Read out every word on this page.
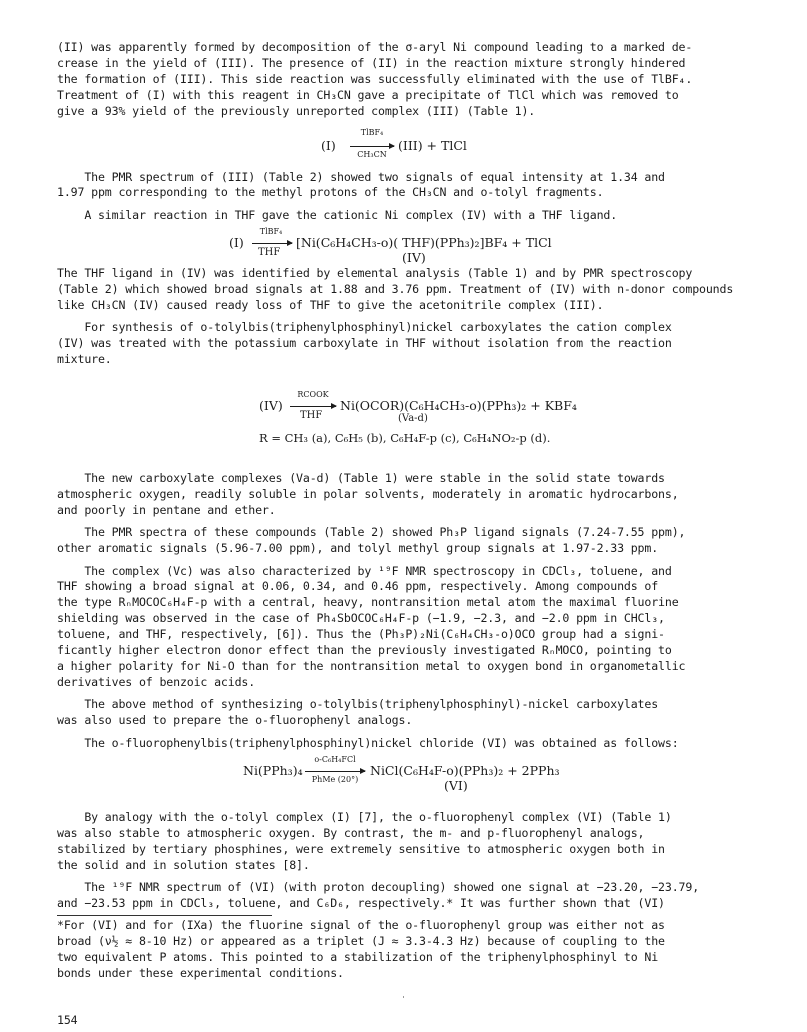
(II) was apparently formed by decomposition of the σ-aryl Ni compound leading to a marked de-
crease in the yield of (III). The presence of (II) in the reaction mixture strongly hindered
the formation of (III). This side reaction was successfully eliminated with the use of TlBF₄.
Treatment of (I) with this reagent in CH₃CN gave a precipitate of TlCl which was removed to
give a 93% yield of the previously unreported complex (III) (Table 1).
(I)
TlBF₄
CH₃CN
(III) + TlCl
The PMR spectrum of (III) (Table 2) showed two signals of equal intensity at 1.34 and
1.97 ppm corresponding to the methyl protons of the CH₃CN and o-tolyl fragments.
A similar reaction in THF gave the cationic Ni complex (IV) with a THF ligand.
(I)
TlBF₄
THF
[Ni(C₆H₄CH₃-o)( THF)(PPh₃)₂]BF₄ + TlCl
(IV)
The THF ligand in (IV) was identified by elemental analysis (Table 1) and by PMR spectroscopy
(Table 2) which showed broad signals at 1.88 and 3.76 ppm. Treatment of (IV) with n-donor compounds
like CH₃CN (IV) caused ready loss of THF to give the acetonitrile complex (III).
For synthesis of o-tolylbis(triphenylphosphinyl)nickel carboxylates the cation complex
(IV) was treated with the potassium carboxylate in THF without isolation from the reaction
mixture.
(IV)
RCOOK
THF
Ni(OCOR)(C₆H₄CH₃-o)(PPh₃)₂ + KBF₄
(Va-d)
R = CH₃ (a), C₆H₅ (b), C₆H₄F-p (c), C₆H₄NO₂-p (d).
The new carboxylate complexes (Va-d) (Table 1) were stable in the solid state towards
atmospheric oxygen, readily soluble in polar solvents, moderately in aromatic hydrocarbons,
and poorly in pentane and ether.
The PMR spectra of these compounds (Table 2) showed Ph₃P ligand signals (7.24-7.55 ppm),
other aromatic signals (5.96-7.00 ppm), and tolyl methyl group signals at 1.97-2.33 ppm.
The complex (Vc) was also characterized by ¹⁹F NMR spectroscopy in CDCl₃, toluene, and
THF showing a broad signal at 0.06, 0.34, and 0.46 ppm, respectively. Among compounds of
the type RₙMOCOC₆H₄F-p with a central, heavy, nontransition metal atom the maximal fluorine
shielding was observed in the case of Ph₄SbOCOC₆H₄F-p (−1.9, −2.3, and −2.0 ppm in CHCl₃,
toluene, and THF, respectively, [6]). Thus the (Ph₃P)₂Ni(C₆H₄CH₃-o)OCO group had a signi-
ficantly higher electron donor effect than the previously investigated RₙMOCO, pointing to
a higher polarity for Ni-O than for the nontransition metal to oxygen bond in organometallic
derivatives of benzoic acids.
The above method of synthesizing o-tolylbis(triphenylphosphinyl)-nickel carboxylates
was also used to prepare the o-fluorophenyl analogs.
The o-fluorophenylbis(triphenylphosphinyl)nickel chloride (VI) was obtained as follows:
Ni(PPh₃)₄
o-C₆H₄FCl
PhMe (20°)
NiCl(C₆H₄F-o)(PPh₃)₂ + 2PPh₃
(VI)
By analogy with the o-tolyl complex (I) [7], the o-fluorophenyl complex (VI) (Table 1)
was also stable to atmospheric oxygen. By contrast, the m- and p-fluorophenyl analogs,
stabilized by tertiary phosphines, were extremely sensitive to atmospheric oxygen both in
the solid and in solution states [8].
The ¹⁹F NMR spectrum of (VI) (with proton decoupling) showed one signal at −23.20, −23.79,
and −23.53 ppm in CDCl₃, toluene, and C₆D₆, respectively.* It was further shown that (VI)
*For (VI) and for (IXa) the fluorine signal of the o-fluorophenyl group was either not as
broad (ν½ ≈ 8-10 Hz) or appeared as a triplet (J ≈ 3.3-4.3 Hz) because of coupling to the
two equivalent P atoms. This pointed to a stabilization of the triphenylphosphinyl to Ni
bonds under these experimental conditions.
154
